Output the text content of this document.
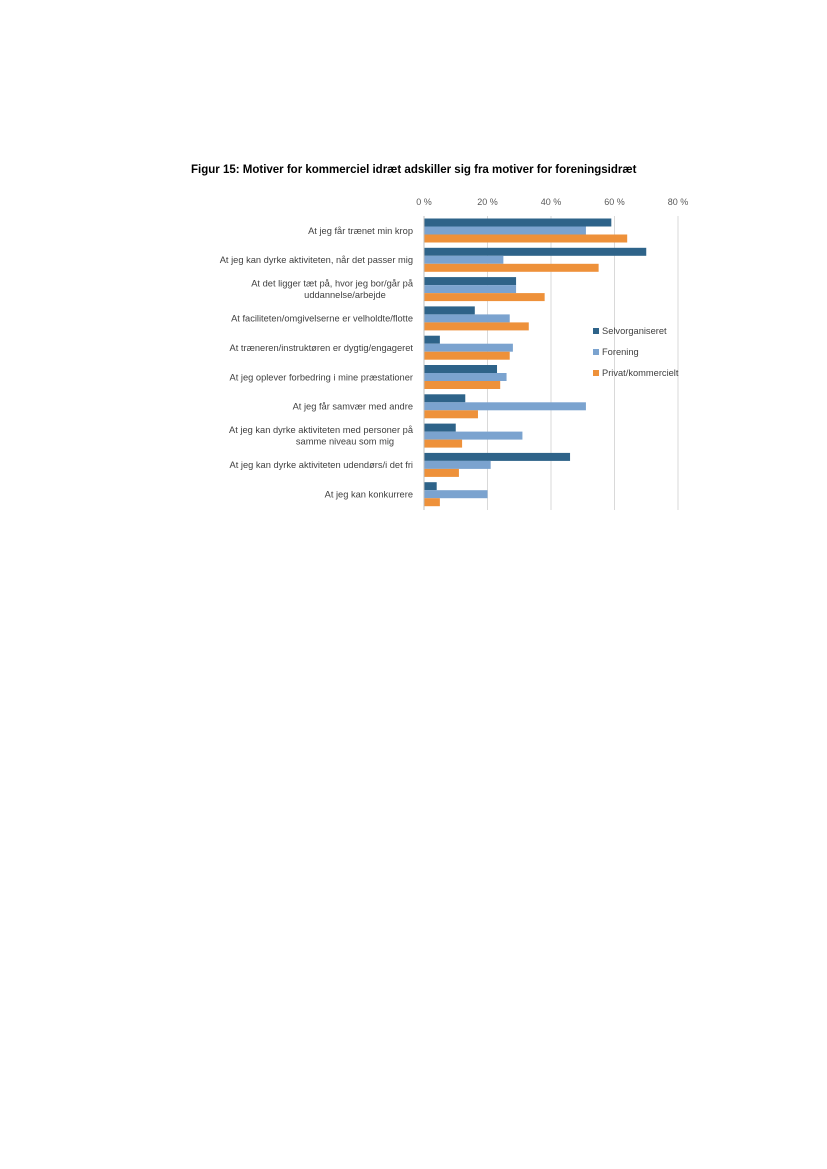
Figur 15: Motiver for kommerciel idræt adskiller sig fra motiver for foreningsidræt
0 %	20 %	40 %	60 %	80 %
At jeg får trænet min krop
At jeg kan dyrke aktiviteten, når det passer mig
At det ligger tæt på, hvor jeg bor/går på
uddannelse/arbejde
At faciliteten/omgivelserne er velholdte/flotte
At træneren/instruktøren er dygtig/engageret
At jeg oplever forbedring i mine præstationer
At jeg får samvær med andre
At jeg kan dyrke aktiviteten med personer på
samme niveau som mig
At jeg kan dyrke aktiviteten udendørs/i det fri
At jeg kan konkurrere
Selvorganiseret
Forening
Privat/kommercielt
